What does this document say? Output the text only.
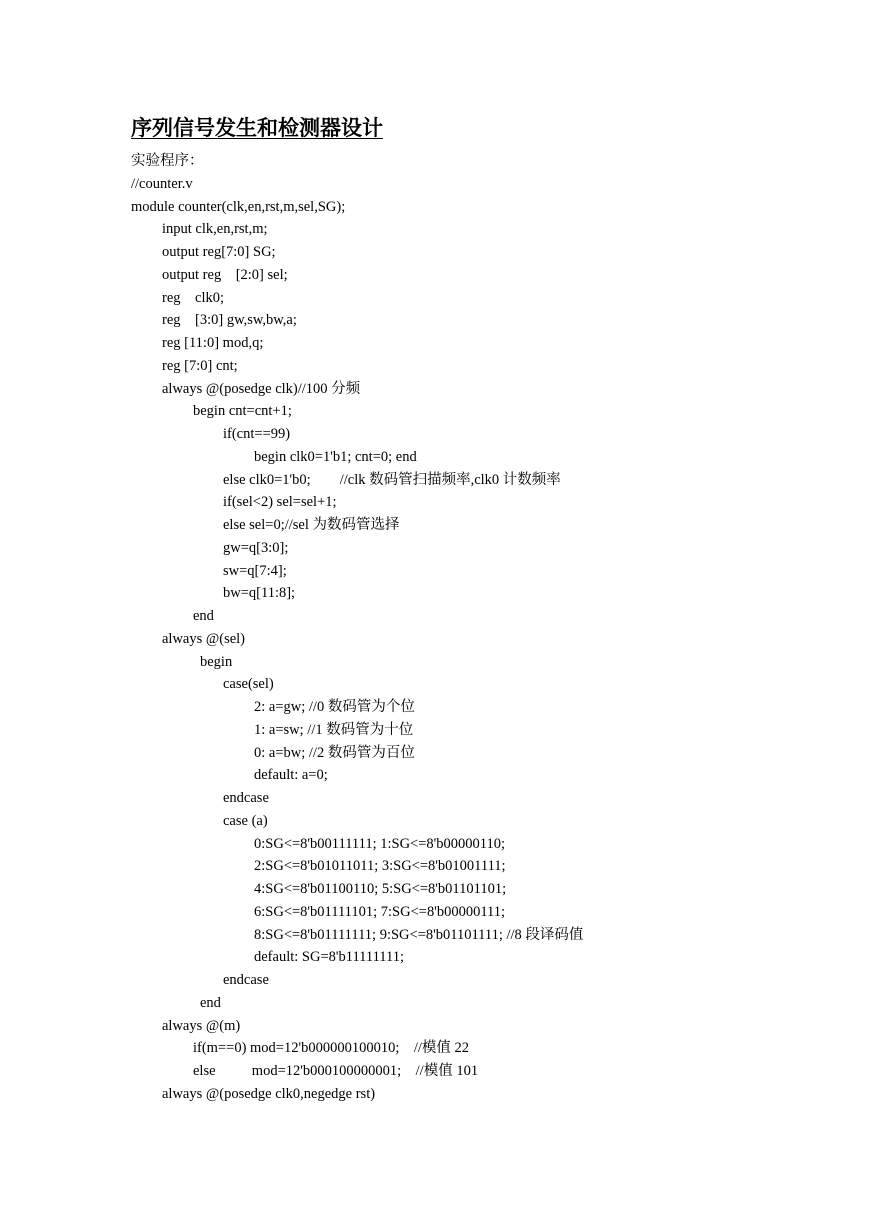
序列信号发生和检测器设计
实验程序：
//counter.v
module counter(clk,en,rst,m,sel,SG);
input clk,en,rst,m;
output reg[7:0] SG;
output reg    [2:0] sel;
reg    clk0;
reg    [3:0] gw,sw,bw,a;
reg [11:0] mod,q;
reg [7:0] cnt;
always @(posedge clk)//100 分频
begin cnt=cnt+1;
if(cnt==99)
begin clk0=1'b1; cnt=0; end
else clk0=1'b0;        //clk 数码管扫描频率,clk0 计数频率
if(sel<2) sel=sel+1;
else sel=0;//sel 为数码管选择
gw=q[3:0];
sw=q[7:4];
bw=q[11:8];
end
always @(sel)
begin
case(sel)
2: a=gw; //0 数码管为个位
1: a=sw; //1 数码管为十位
0: a=bw; //2 数码管为百位
default: a=0;
endcase
case (a)
0:SG<=8'b00111111; 1:SG<=8'b00000110;
2:SG<=8'b01011011; 3:SG<=8'b01001111;
4:SG<=8'b01100110; 5:SG<=8'b01101101;
6:SG<=8'b01111101; 7:SG<=8'b00000111;
8:SG<=8'b01111111; 9:SG<=8'b01101111; //8 段译码值
default: SG=8'b11111111;
endcase
end
always @(m)
if(m==0) mod=12'b000000100010;    //模值 22
else          mod=12'b000100000001;    //模值 101
always @(posedge clk0,negedge rst)
